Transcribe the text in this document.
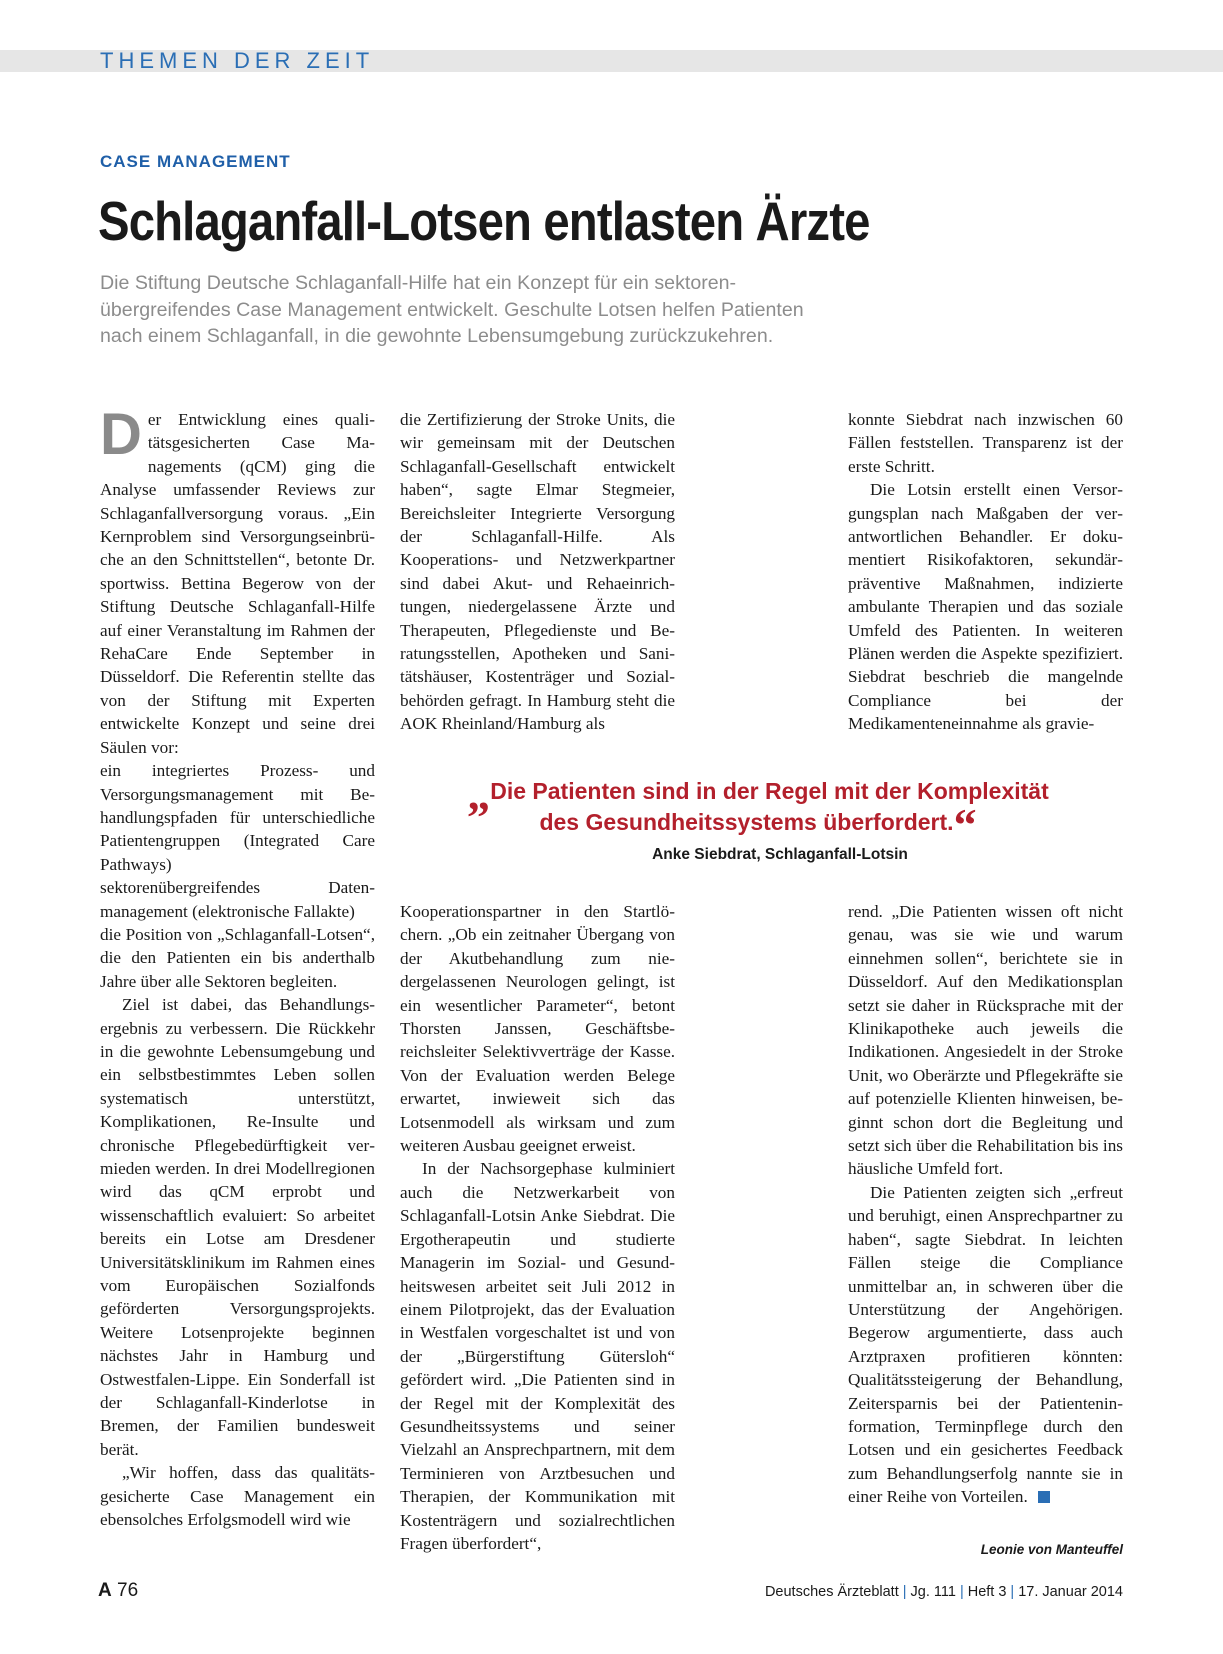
THEMEN DER ZEIT
CASE MANAGEMENT
Schlaganfall-Lotsen entlasten Ärzte
Die Stiftung Deutsche Schlaganfall-Hilfe hat ein Konzept für ein sektoren-
übergreifendes Case Management entwickelt. Geschulte Lotsen helfen Patienten
nach einem Schlaganfall, in die gewohnte Lebensumgebung zurückzukehren.

Der Entwicklung eines qualitätsgesicherten Case Managements (qCM) ging die Analyse umfassender Reviews zur Schlaganfallversorgung voraus. „Ein Kernproblem sind Versorgungseinbrüche an den Schnittstellen“, betonte Dr. sportwiss. Bettina Begerow von der Stiftung Deutsche Schlaganfall-Hilfe auf einer Veranstaltung im Rahmen der RehaCare Ende September in Düsseldorf. Die Referentin stellte das von der Stiftung mit Experten entwickelte Konzept und seine drei Säulen vor:

ein integriertes Prozess- und Versorgungsmanagement mit Behandlungspfaden für unterschiedliche Patientengruppen (Integrated Care Pathways)

sektorenübergreifendes Datenmanagement (elektronische Fallakte)

die Position von „Schlaganfall-Lotsen“, die den Patienten ein bis anderthalb Jahre über alle Sektoren begleiten.

Ziel ist dabei, das Behandlungsergebnis zu verbessern. Die Rückkehr in die gewohnte Lebensumgebung und ein selbstbestimmtes Leben sollen systematisch unterstützt, Komplikationen, Re-Insulte und chronische Pflegebedürftigkeit vermieden werden. In drei Modellregionen wird das qCM erprobt und wissenschaftlich evaluiert: So arbeitet bereits ein Lotse am Dresdener Universitätsklinikum im Rahmen eines vom Europäischen Sozialfonds geförderten Versorgungsprojekts. Weitere Lotsenprojekte beginnen nächstes Jahr in Hamburg und Ostwestfalen-Lippe. Ein Sonderfall ist der Schlaganfall-Kinderlotse in Bremen, der Familien bundesweit berät.

„Wir hoffen, dass das qualitätsgesicherte Case Management ein ebensolches Erfolgsmodell wird wie

die Zertifizierung der Stroke Units, die wir gemeinsam mit der Deutschen Schlaganfall-Gesellschaft entwickelt haben“, sagte Elmar Stegmeier, Bereichsleiter Integrierte Versorgung der Schlaganfall-Hilfe. Als Kooperations- und Netzwerkpartner sind dabei Akut- und Rehaeinrichtungen, niedergelassene Ärzte und Therapeuten, Pflegedienste und Beratungsstellen, Apotheken und Sanitätshäuser, Kostenträger und Sozialbehörden gefragt. In Hamburg steht die AOK Rheinland/Hamburg als

konnte Siebdrat nach inzwischen 60 Fällen feststellen. Transparenz ist der erste Schritt.

Die Lotsin erstellt einen Versorgungsplan nach Maßgaben der verantwortlichen Behandler. Er dokumentiert Risikofaktoren, sekundärpräventive Maßnahmen, indizierte ambulante Therapien und das soziale Umfeld des Patienten. In weiteren Plänen werden die Aspekte spezifiziert. Siebdrat beschrieb die mangelnde Compliance bei der Medikamenteneinnahme als gravie-

„Die Patienten sind in der Regel mit der Komplexität
des Gesundheitssystems überfordert.“
Anke Siebdrat, Schlaganfall-Lotsin

Kooperationspartner in den Startlöchern. „Ob ein zeitnaher Übergang von der Akutbehandlung zum niedergelassenen Neurologen gelingt, ist ein wesentlicher Parameter“, betont Thorsten Janssen, Geschäftsbereichsleiter Selektivverträge der Kasse. Von der Evaluation werden Belege erwartet, inwieweit sich das Lotsenmodell als wirksam und zum weiteren Ausbau geeignet erweist.

In der Nachsorgephase kulminiert auch die Netzwerkarbeit von Schlaganfall-Lotsin Anke Siebdrat. Die Ergotherapeutin und studierte Managerin im Sozial- und Gesundheitswesen arbeitet seit Juli 2012 in einem Pilotprojekt, das der Evaluation in Westfalen vorgeschaltet ist und von der „Bürgerstiftung Gütersloh“ gefördert wird. „Die Patienten sind in der Regel mit der Komplexität des Gesundheitssystems und seiner Vielzahl an Ansprechpartnern, mit dem Terminieren von Arztbesuchen und Therapien, der Kommunikation mit Kostenträgern und sozialrechtlichen Fragen überfordert“,

rend. „Die Patienten wissen oft nicht genau, was sie wie und warum einnehmen sollen“, berichtete sie in Düsseldorf. Auf den Medikationsplan setzt sie daher in Rücksprache mit der Klinikapotheke auch jeweils die Indikationen. Angesiedelt in der Stroke Unit, wo Oberärzte und Pflegekräfte sie auf potenzielle Klienten hinweisen, beginnt schon dort die Begleitung und setzt sich über die Rehabilitation bis ins häusliche Umfeld fort.

Die Patienten zeigten sich „erfreut und beruhigt, einen Ansprechpartner zu haben“, sagte Siebdrat. In leichten Fällen steige die Compliance unmittelbar an, in schweren über die Unterstützung der Angehörigen. Begerow argumentierte, dass auch Arztpraxen profitieren könnten: Qualitätssteigerung der Behandlung, Zeitersparnis bei der Patienteninformation, Terminpflege durch den Lotsen und ein gesichertes Feedback zum Behandlungserfolg nannte sie in einer Reihe von Vorteilen.

Leonie von Manteuffel
A 76	Deutsches Ärzteblatt | Jg. 111 | Heft 3 | 17. Januar 2014
